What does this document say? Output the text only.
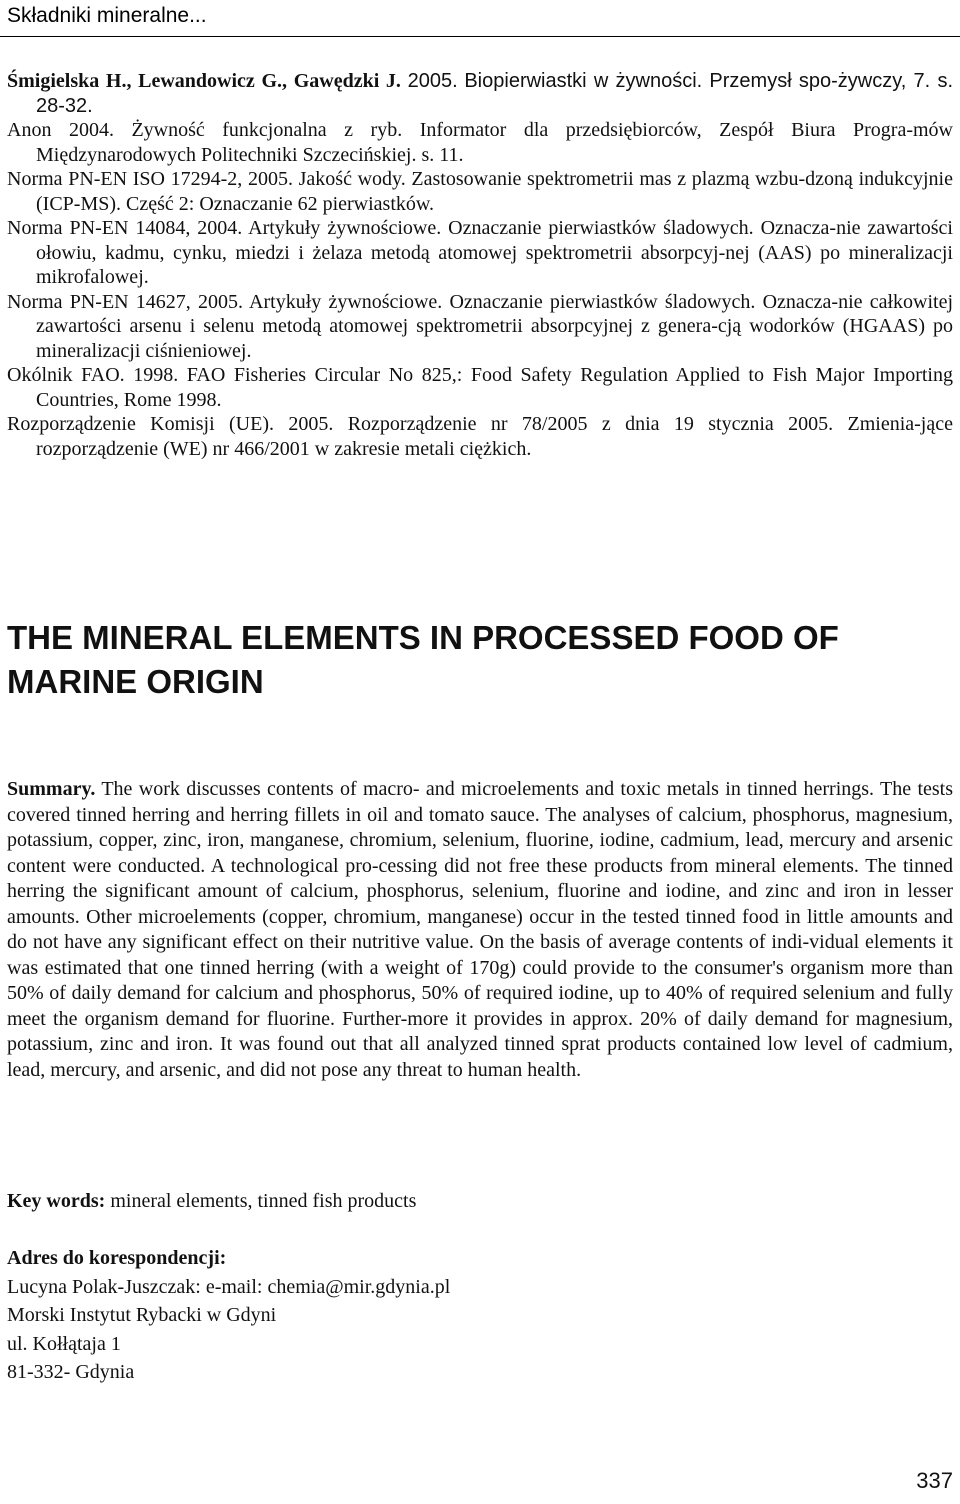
Składniki mineralne...

Śmigielska H., Lewandowicz G., Gawędzki J. 2005. Biopierwiastki w żywności. Przemysł spo-żywczy, 7. s. 28-32.

Anon 2004. Żywność funkcjonalna z ryb. Informator dla przedsiębiorców, Zespół Biura Progra-mów Międzynarodowych Politechniki Szczecińskiej. s. 11.

Norma PN-EN ISO 17294-2, 2005. Jakość wody. Zastosowanie spektrometrii mas z plazmą wzbu-dzoną indukcyjnie (ICP-MS). Część 2: Oznaczanie 62 pierwiastków.

Norma PN-EN 14084, 2004. Artykuły żywnościowe. Oznaczanie pierwiastków śladowych. Oznacza-nie zawartości ołowiu, kadmu, cynku, miedzi i żelaza metodą atomowej spektrometrii absorpcyj-nej (AAS) po mineralizacji mikrofalowej.

Norma PN-EN 14627, 2005. Artykuły żywnościowe. Oznaczanie pierwiastków śladowych. Oznacza-nie całkowitej zawartości arsenu i selenu metodą atomowej spektrometrii absorpcyjnej z genera-cją wodorków (HGAAS) po mineralizacji ciśnieniowej.

Okólnik FAO. 1998. FAO Fisheries Circular No 825,: Food Safety Regulation Applied to Fish Major Importing Countries, Rome 1998.

Rozporządzenie Komisji (UE). 2005. Rozporządzenie nr 78/2005 z dnia 19 stycznia 2005. Zmienia-jące rozporządzenie (WE) nr 466/2001 w zakresie metali ciężkich.

THE MINERAL ELEMENTS IN PROCESSED FOOD OF MARINE ORIGIN

Summary. The work discusses contents of macro- and microelements and toxic metals in tinned herrings. The tests covered tinned herring and herring fillets in oil and tomato sauce. The analyses of calcium, phosphorus, magnesium, potassium, copper, zinc, iron, manganese, chromium, selenium, fluorine, iodine, cadmium, lead, mercury and arsenic content were conducted. A technological pro-cessing did not free these products from mineral elements. The tinned herring the significant amount of calcium, phosphorus, selenium, fluorine and iodine, and zinc and iron in lesser amounts. Other microelements (copper, chromium, manganese) occur in the tested tinned food in little amounts and do not have any significant effect on their nutritive value. On the basis of average contents of indi-vidual elements it was estimated that one tinned herring (with a weight of 170g) could provide to the consumer's organism more than 50% of daily demand for calcium and phosphorus, 50% of required iodine, up to 40% of required selenium and fully meet the organism demand for fluorine. Further-more it provides in approx. 20% of daily demand for magnesium, potassium, zinc and iron. It was found out that all analyzed tinned sprat products contained low level of cadmium, lead, mercury, and arsenic, and did not pose any threat to human health.

Key words: mineral elements, tinned fish products

Adres do korespondencji:
Lucyna Polak-Juszczak: e-mail: chemia@mir.gdynia.pl
Morski Instytut Rybacki w Gdyni
ul. Kołłątaja 1
81-332- Gdynia
337
